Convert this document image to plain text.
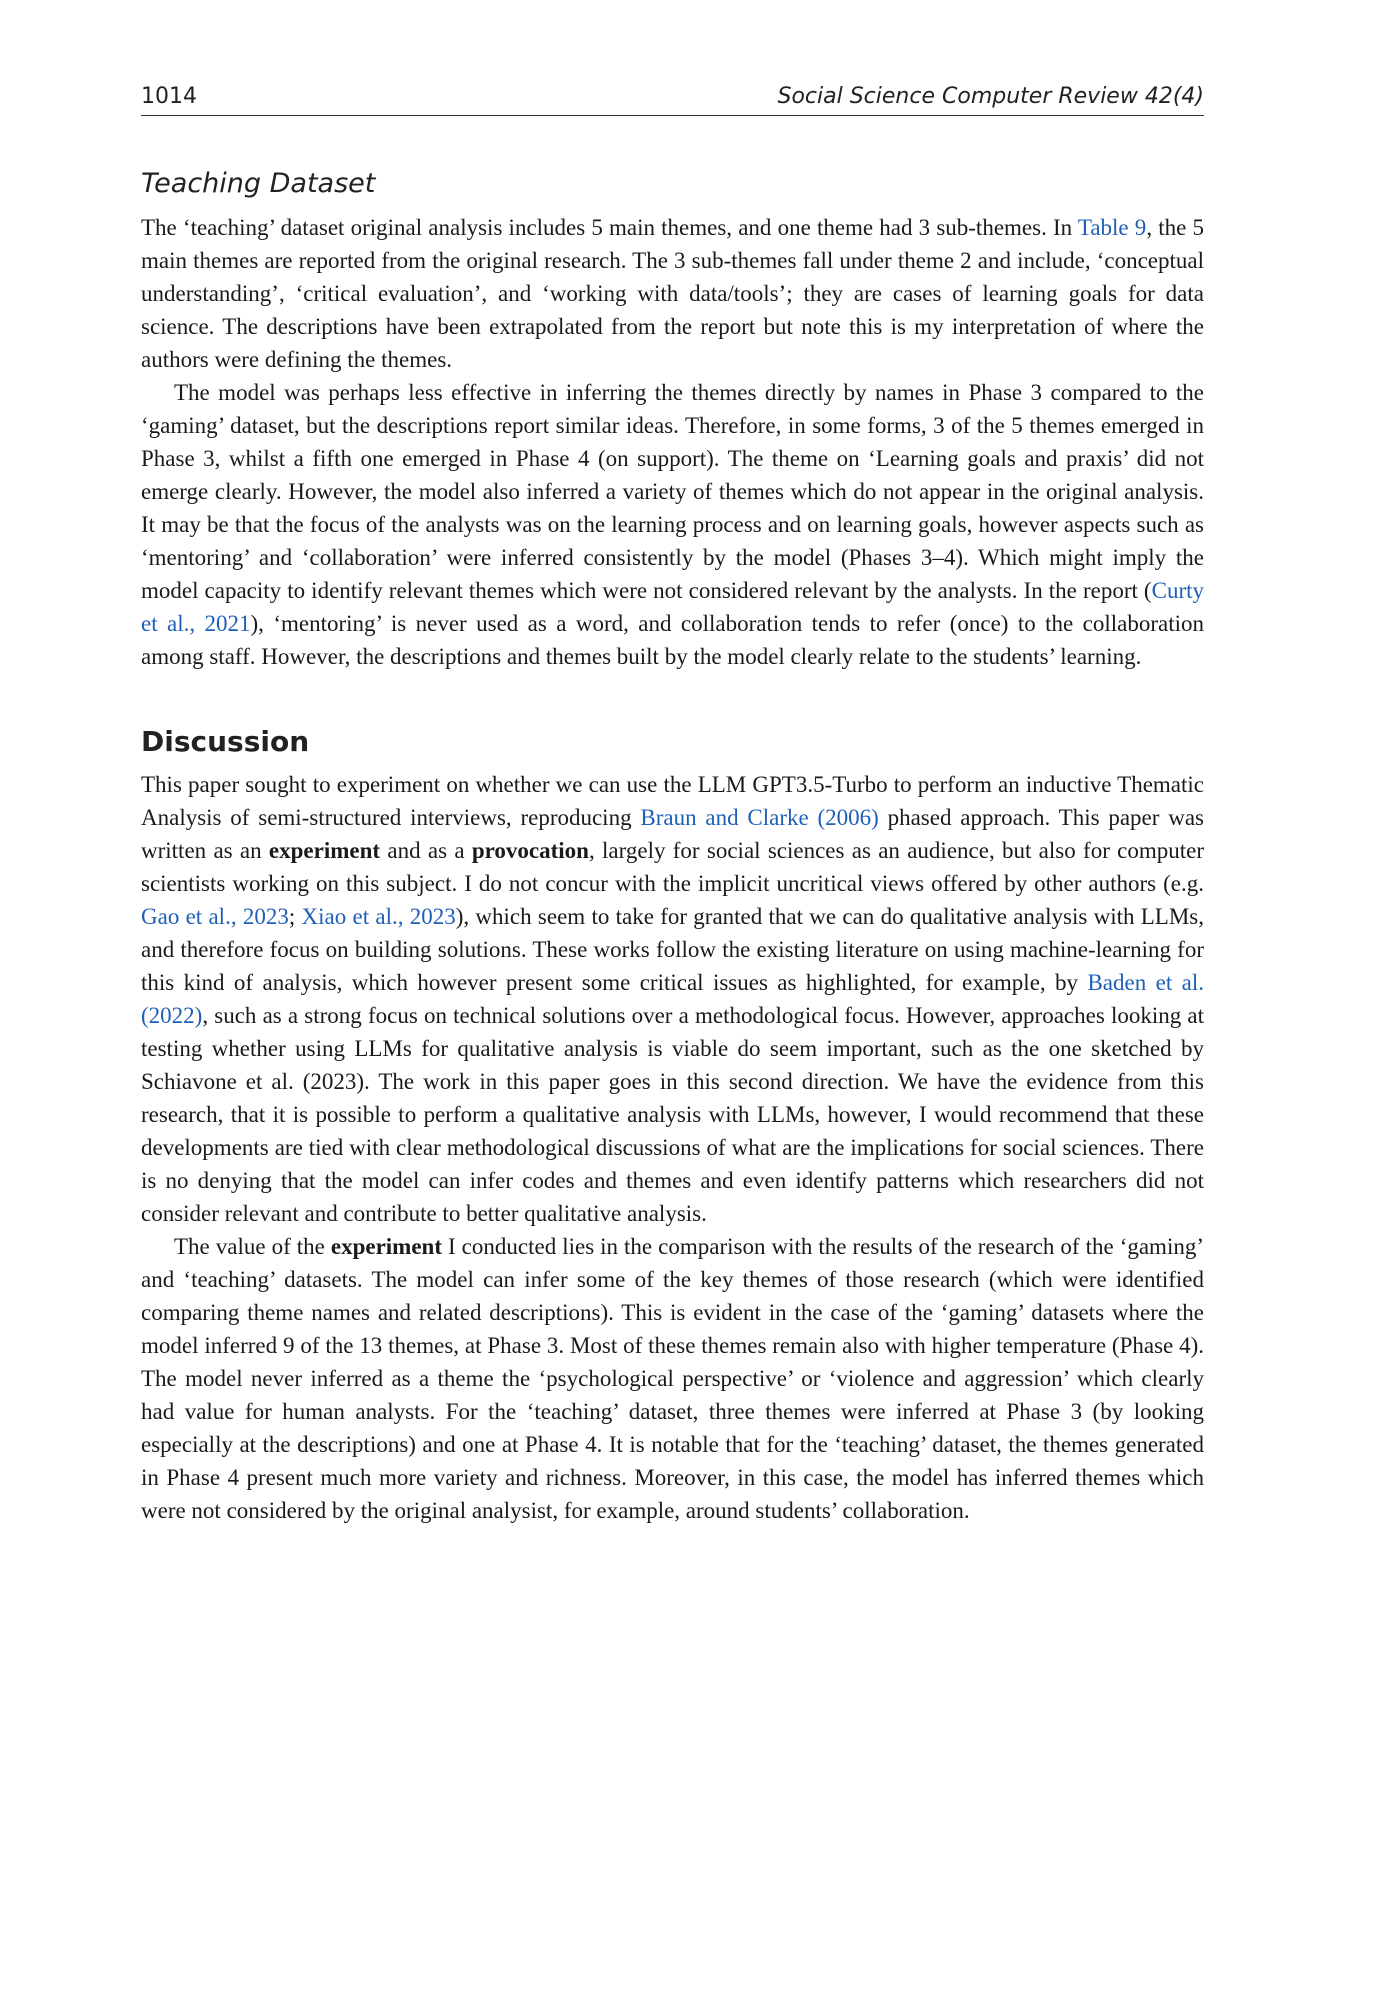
1014	Social Science Computer Review 42(4)
Teaching Dataset

The ‘teaching’ dataset original analysis includes 5 main themes, and one theme had 3 sub-themes. In Table 9, the 5 main themes are reported from the original research. The 3 sub-themes fall under theme 2 and include, ‘conceptual understanding’, ‘critical evaluation’, and ‘working with data/tools’; they are cases of learning goals for data science. The descriptions have been extrapolated from the report but note this is my interpretation of where the authors were defining the themes.

The model was perhaps less effective in inferring the themes directly by names in Phase 3 compared to the ‘gaming’ dataset, but the descriptions report similar ideas. Therefore, in some forms, 3 of the 5 themes emerged in Phase 3, whilst a fifth one emerged in Phase 4 (on support). The theme on ‘Learning goals and praxis’ did not emerge clearly. However, the model also inferred a variety of themes which do not appear in the original analysis. It may be that the focus of the analysts was on the learning process and on learning goals, however aspects such as ‘mentoring’ and ‘collaboration’ were inferred consistently by the model (Phases 3–4). Which might imply the model capacity to identify relevant themes which were not considered relevant by the analysts. In the report (Curty et al., 2021), ‘mentoring’ is never used as a word, and collaboration tends to refer (once) to the collaboration among staff. However, the descriptions and themes built by the model clearly relate to the students’ learning.

Discussion

This paper sought to experiment on whether we can use the LLM GPT3.5-Turbo to perform an inductive Thematic Analysis of semi-structured interviews, reproducing Braun and Clarke (2006) phased approach. This paper was written as an experiment and as a provocation, largely for social sciences as an audience, but also for computer scientists working on this subject. I do not concur with the implicit uncritical views offered by other authors (e.g. Gao et al., 2023; Xiao et al., 2023), which seem to take for granted that we can do qualitative analysis with LLMs, and therefore focus on building solutions. These works follow the existing literature on using machine-learning for this kind of analysis, which however present some critical issues as highlighted, for example, by Baden et al. (2022), such as a strong focus on technical solutions over a methodological focus. However, approaches looking at testing whether using LLMs for qualitative analysis is viable do seem important, such as the one sketched by Schiavone et al. (2023). The work in this paper goes in this second direction. We have the evidence from this research, that it is possible to perform a qualitative analysis with LLMs, however, I would recommend that these developments are tied with clear methodological discussions of what are the implications for social sciences. There is no denying that the model can infer codes and themes and even identify patterns which researchers did not consider relevant and contribute to better qualitative analysis.

The value of the experiment I conducted lies in the comparison with the results of the research of the ‘gaming’ and ‘teaching’ datasets. The model can infer some of the key themes of those research (which were identified comparing theme names and related descriptions). This is evident in the case of the ‘gaming’ datasets where the model inferred 9 of the 13 themes, at Phase 3. Most of these themes remain also with higher temperature (Phase 4). The model never inferred as a theme the ‘psychological perspective’ or ‘violence and aggression’ which clearly had value for human analysts. For the ‘teaching’ dataset, three themes were inferred at Phase 3 (by looking especially at the descriptions) and one at Phase 4. It is notable that for the ‘teaching’ dataset, the themes generated in Phase 4 present much more variety and richness. Moreover, in this case, the model has inferred themes which were not considered by the original analysist, for example, around students’ collaboration.
